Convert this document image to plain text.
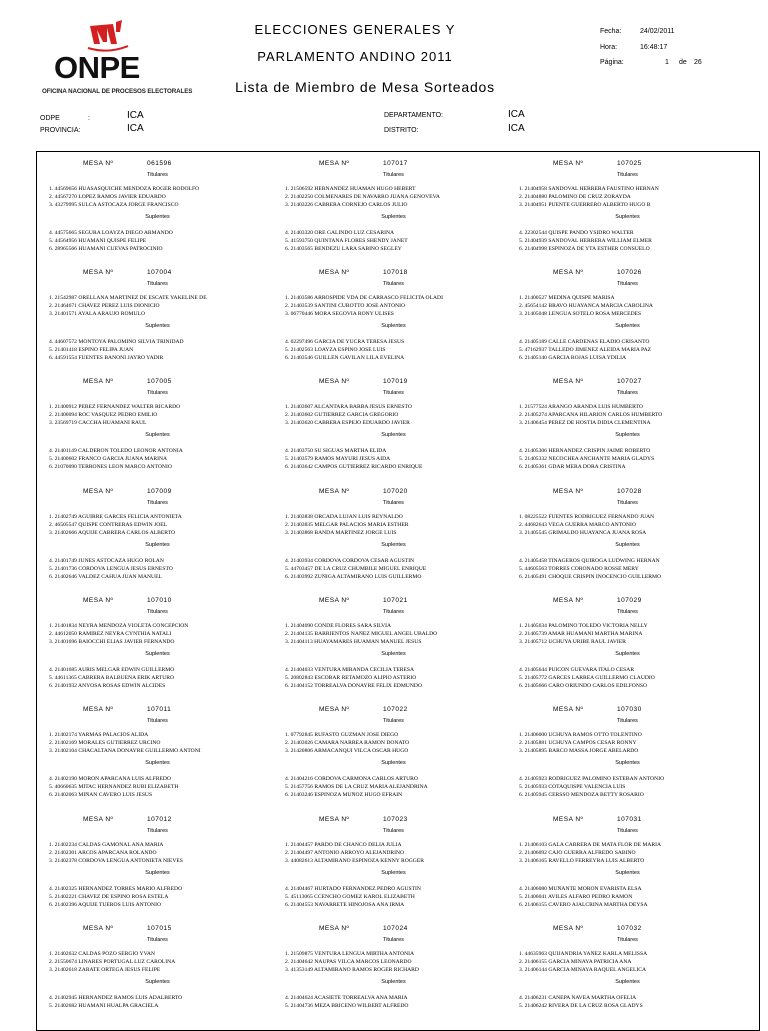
ONPE
OFICINA NACIONAL DE PROCESOS ELECTORALES
ELECCIONES GENERALES Y
PARLAMENTO ANDINO 2011
Lista de Miembro de Mesa Sorteados
Fecha:	24/02/2011
Hora:	16:48:17
Página:	1 de 26
ODPE	:	ICA
PROVINCIA:	ICA
DEPARTAMENTO:	ICA
DISTRITO:	ICA
MESA Nº	061596
Titulares
1. 44569656 HUASASQUICHE MENDOZA ROGER RODOLFO
2. 44567270 LOPEZ RAMOS JAVIER EDUARDO
3. 43279995 SULCA ASTOCAZA JORGE FRANCISCO
Suplentes
4. 44575665 SEGURA LOAYZA DIEGO ARMANDO
5. 44564956 HUAMANI QUISPE FELIPE
6. 28965566 HUAMANI CUEVAS PATROCINIO
MESA Nº	107004
Titulares
1. 21542987 ORELLANA MARTINEZ DE ESCATE YAKELINE DE
2. 21464671 CHAVEZ PEREZ LUIS DIONICIO
3. 21401571 AYALA ARAUJO ROMULO
Suplentes
4. 44607572 MONTOYA PALOMINO SILVIA TRINIDAD
5. 21401418 ESPINO FELIPA JUAN
6. 44591554 FUENTES BANONI JAYRO YADIR
MESA Nº	107005
Titulares
1. 21400912 PEREZ FERNANDEZ WALTER RICARDO
2. 21400094 ROC VASQUEZ PEDRO EMILIO
3. 23569719 CACCHA HUAMANI RAUL
Suplentes
4. 21401149 CALDERON TOLEDO LEONOR ANTONIA
5. 21400602 FRANCO GARCIA JUANA MARINA
6. 21070090 TERRONES LEON MARCO ANTONIO
MESA Nº	107009
Titulares
1. 21402749 AGUIRRE GARCES FELICIA ANTONIETA
2. 46505547 QUISPE CONTRERAS EDWIN JOEL
3. 21402666 AQUIJE CABRERA CARLOS ALBERTO
Suplentes
4. 21401749 JUNES ASTOCAZA HUGO ROLAN
5. 21401736 CORDOVA LENGUA JESUS ERNESTO
6. 21402646 VALDEZ CAHUA JUAN MANUEL
MESA Nº	107010
Titulares
1. 21401834 NEYRA MENDOZA VIOLETA CONCEPCION
2. 44612050 RAMIREZ NEYRA CYNTHIA NATALI
3. 21401696 BAIOCCHI ELIAS JAVIER FERNANDO
Suplentes
4. 21401685 AURIS MELGAR EDWIN GUILLERMO
5. 44611365 CABRERA BALBUENA ERIK ARTURO
6. 21401932 ANYOSA ROSAS EDWIN ALCIDES
MESA Nº	107011
Titulares
1. 21402174 YARMAS PALACIOS ALIDA
2. 21402169 MORALES GUTIERREZ URCINO
3. 21402104 CHACALTANA DONAYRE GUILLERMO ANTONI
Suplentes
4. 21402190 MORON APARCANA LUIS ALFREDO
5. 40660635 MITAC HERNANDEZ RUBI ELIZABETH
6. 21402063 MIÑAN CAVERO LUIS JESUS
MESA Nº	107012
Titulares
1. 21402234 CALDAS GAMONAL ANA MARIA
2. 21402301 ARCOS APARCANA ROLANDO
3. 21402378 CORDOVA LENGUA ANTONIETA NIEVES
Suplentes
4. 21402325 HERNANDEZ TORRES MARIO ALFREDO
5. 21402221 CHAVEZ DE ESPINO ROSA ESTELA
6. 21402396 AQUIJE TUEROS LUIS ANTONIO
MESA Nº	107015
Titulares
1. 21402632 CALDAS POZO SERGIO YVAN
2. 21550674 LINARES PORTUGAL LUZ CAROLINA
3. 21402618 ZARATE ORTEGA JESUS FELIPE
Suplentes
4. 21402945 HERNANDEZ RAMOS LUIS ADALBERTO
5. 21402682 HUAMANI HUALPA GRACIELA
MESA Nº	107017
Titulares
1. 21506592 HERNANDEZ HUAMAN HUGO HEBERT
2. 21402250 COLMENARES DE NAVARRO JUANA GENOVEVA
3. 21403226 CABRERA CORNEJO CARLOS JULIO
Suplentes
4. 21403320 ORE GALINDO LUZ CESARINA
5. 41593750 QUINTANA FLORES SHENDY JANET
6. 21403565 BENDEZU LARA SABINO SEGLEY
MESA Nº	107018
Titulares
1. 21403586 ARROSPIDE VDA DE CARRASCO FELICITA OLADI
2. 21403539 SANTINI CUROTTO JOSE ANTONIO
3. 06770446 MORA SEGOVIA RONY ULISES
Suplentes
4. 02297496 GARCIA DE YUCRA TERESA JESUS
5. 21402563 LOAYZA ESPINO JOSE LUIS
6. 21403546 GUILLEN GAVILAN LILA EVELINA
MESA Nº	107019
Titulares
1. 21403607 ALCANTARA BARBA JESUS ERNESTO
2. 21403602 GUTIERREZ GARCIA GREGORIO
3. 21403620 CABRERA ESPEJO EDUARDO JAVIER
Suplentes
4. 21403750 SU SIGUAS MARTHA ELIDA
5. 21403579 RAMOS MAYURI JESUS AIDA
6. 21403642 CAMPOS GUTIERREZ RICARDO ENRIQUE
MESA Nº	107020
Titulares
1. 21403838 ORCADA LUJAN LUIS REYNALDO
2. 21403835 MELGAR PALACIOS MARIA ESTHER
3. 21403868 BANDA MARTINEZ JORGE LUIS
Suplentes
4. 21403934 CORDOVA CORDOVA CESAR AGUSTIN
5. 44703457 DE LA CRUZ CHUMBILE MIGUEL ENRIQUE
6. 21403992 ZUÑIGA ALTAMIRANO LUIS GUILLERMO
MESA Nº	107021
Titulares
1. 21404090 CONDE FLORES SARA SILVIA
2. 21404135 BARRIENTOS NAÑEZ MIGUEL ANGEL UBALDO
3. 21404113 HUAYAMARES HUAMAN MANUEL JESUS
Suplentes
4. 21404033 VENTURA MIRANDA CECILIA TERESA
5. 20802843 ESCOBAR RETAMOZO ALIPIO ASTERIO
6. 21404152 TORREALVA DONAYRE FELIX EDMUNDO
MESA Nº	107022
Titulares
1. 07792845 RUFASTO GUZMAN JOSE DIEGO
2. 21403026 CAMARA NARREA RAMON DONATO
3. 21420806 ARMACANQUI VILCA OSCAR HUGO
Suplentes
4. 21404216 CORDOVA CARMONA CARLOS ARTURO
5. 21457756 RAMOS DE LA CRUZ MARIA ALEJANDRINA
6. 21403246 ESPINOZA MUÑOZ HUGO EFRAIN
MESA Nº	107023
Titulares
1. 21404457 PARDO DE CHANCO DELIA JULIA
2. 21404497 ANTONIO ARROYO ALEJANDRINO
3. 44082613 ALTAMIRANO ESPINOZA KENNY ROGGER
Suplentes
4. 21404467 HURTADO FERNANDEZ PEDRO AGUSTIN
5. 45113065 CCENCHO GOMEZ KAROL ELIZABETH
6. 21404553 NAVARRETE HINOJOSA ANA IRMA
MESA Nº	107024
Titulares
1. 21509875 VENTURA LENGUA MIRTHA ANTONIA
2. 21404642 NAUPAS VILCA MARCOS LEONARDO
3. 41353149 ALTAMIRANO RAMOS ROGER RICHARD
Suplentes
4. 21404624 ACASIETE TORREALVA ANA MARIA
5. 21404736 MEZA BRICENO WILBERT ALFREDO
MESA Nº	107025
Titulares
1. 21404958 SANDOVAL HERRERA FAUSTINO HERNAN
2. 21404880 PALOMINO DE CRUZ ZORAYDA
3. 21404951 PUENTE GUERRERO ALBERTO HUGO B
Suplentes
4. 22302544 QUISPE PANDO YSIDRO WALTER
5. 21404939 SANDOVAL HERRERA WILLIAM ELMER
6. 21404998 ESPINOZA DE YTA ESTHER CONSUELO
MESA Nº	107026
Titulares
1. 21400527 MEDINA QUISPE MARISA
2. 45654142 BRAVO HUAYANCA MARCIA CAROLINA
3. 21405048 LENGUA SOTELO ROSA MERCEDES
Suplentes
4. 21405189 CALLE CARDENAS ELADIO CRISANTO
5. 47162937 TALLEDO JIMENEZ ALEIDA MARIA PAZ
6. 21405140 GARCIA ROJAS LUISA YDILIA
MESA Nº	107027
Titulares
1. 21577524 ARANGO ARANDA LUIS HUMBERTO
2. 21405274 APARCANA HILARION CARLOS HUMBERTO
3. 21406454 PEREZ DE HOSTIA DIDIA CLEMENTINA
Suplentes
4. 21405306 HERNANDEZ CRISPIN JAIME ROBERTO
5. 21405332 NECOCHEA ANCHANTE MARIA GLADYS
6. 21405361 GDAR MERA DORA CRISTINA
MESA Nº	107028
Titulares
1. 08225522 FUENTES RODRIGUEZ FERNANDO JUAN
2. 44682643 VEGA GUERRA MARCO ANTONIO
3. 21405545 GRIMALDO HUAYANCA JUANA ROSA
Suplentes
4. 21405458 TINAGEROS QUIROGA LUDWING HERNAN
5. 44605563 TORRES CORONADO ROSSE MERY
6. 21405491 CHOQUE CRISPIN INOCENCIO GUILLERMO
MESA Nº	107029
Titulares
1. 21405634 PALOMINO TOLEDO VICTORIA NELLY
2. 21405739 AMAR HUAMANI MARTHA MARINA
3. 21405712 UCHUYA URIBE RAUL JAVIER
Suplentes
4. 21405644 PUICON GUEVARA ITALO CESAR
5. 21405772 GARCES LARREA GUILLERMO CLAUDIO
6. 21405666 CARO ORIUNDO CARLOS EDILFONSO
MESA Nº	107030
Titulares
1. 21406000 UCHUYA RAMOS OTTO TOLENTINO
2. 21405881 UCHUYA CAMPOS CESAR RONNY
3. 21405895 BARCO MASSA JORGE ABELARDO
Suplentes
4. 21405923 RODRIGUEZ PALOMINO ESTEBAN ANTONIO
5. 21405933 COTAQUISPE VALENCIA LUIS
6. 21405945 CERSSO MENDOZA BETTY ROSARIO
MESA Nº	107031
Titulares
1. 21406103 GALA CABRERA DE MATA FLOR DE MARIA
2. 21406092 CAJO GUERRA ALFREDO SABINO
3. 21406165 RAVELLO FERREYRA LUIS ALBERTO
Suplentes
4. 21406080 MUÑANTE MORON EVARISTA ELSA
5. 21406041 AVILES ALFARO PEDRO RAMON
6. 21406155 CAVERO AJALCRINA MARTHA DEYSA
MESA Nº	107032
Titulares
1. 44635963 QUIJANDRIA YAÑEZ KARLA MELISSA
2. 21406155 GARCIA MINAYA PATRICIA ANA
3. 21406144 GARCIA MINAYA RAQUEL ANGELICA
Suplentes
4. 21406231 CANEPA NAVEA MARTHA OFELIA
5. 21406242 RIVERA DE LA CRUZ ROSA GLADYS
